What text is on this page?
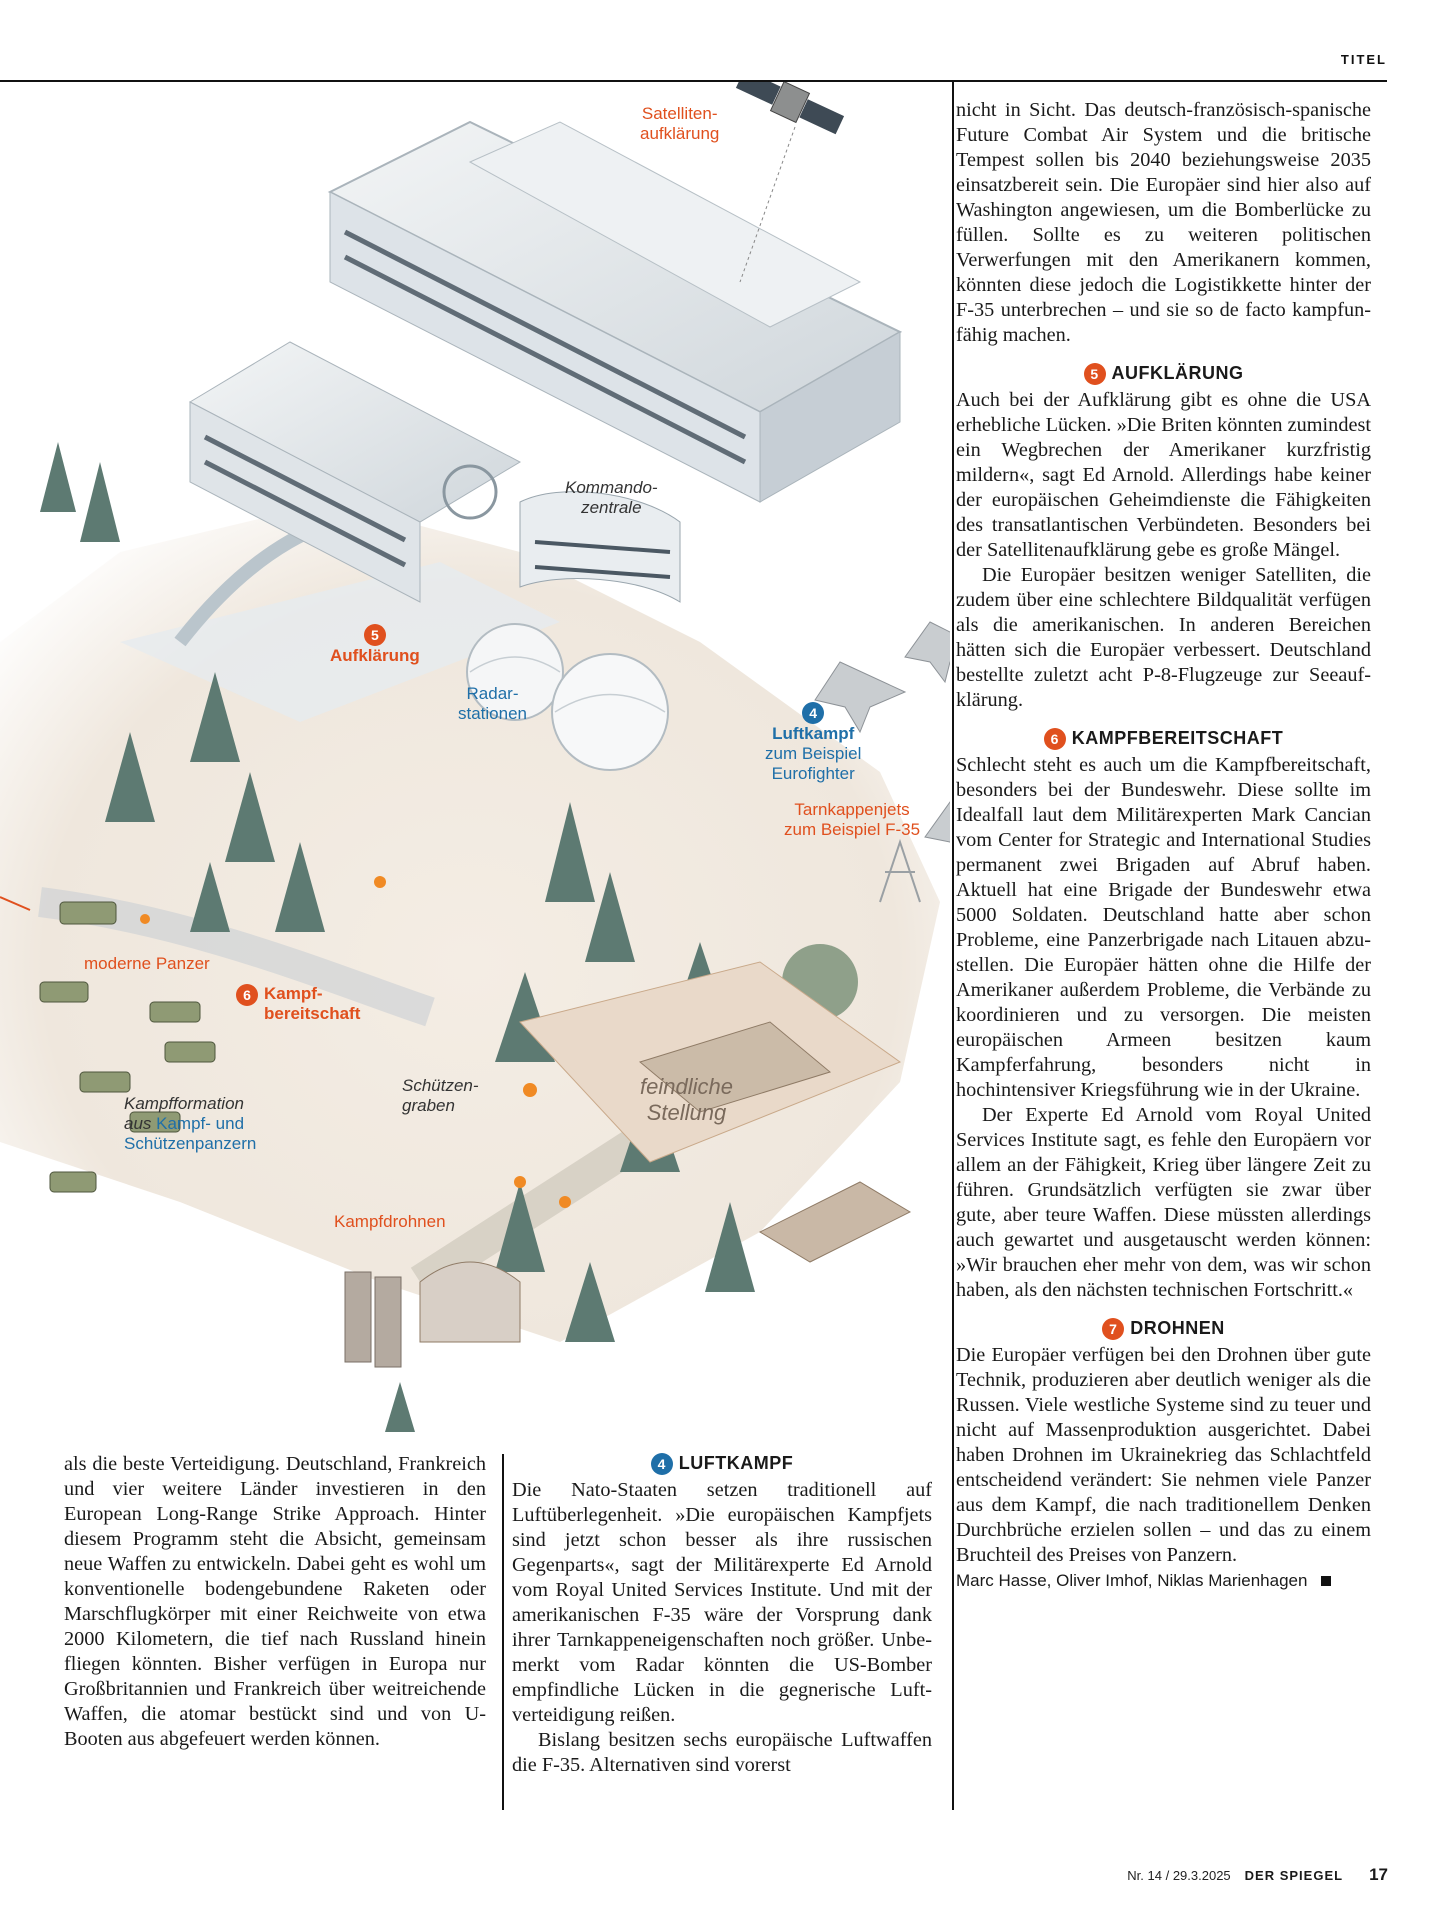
TITEL
Satelliten-
aufklärung
Kommando-
zentrale
5
Aufklärung
Radar-
stationen	4
Luftkampf
zum Beispiel
Eurofighter
Tarnkappenjets
zum Beispiel F-35
moderne Panzer
6 Kampf-
bereitschaft
Schützen-
graben
feindliche
Stellung
Kampfformation
aus Kampf- und
Schützenpanzern
Kampfdrohnen

als die beste Verteidigung. Deutschland, Frankreich und vier weitere Länder investieren in den European Long-Range Strike Approach. Hinter diesem Programm steht die Absicht, gemeinsam neue Waffen zu entwickeln. Dabei geht es wohl um konventionelle bodengebundene Raketen oder Marschflugkörper mit einer Reichweite von etwa 2000 Kilometern, die tief nach Russland hinein fliegen könnten. Bisher verfügen in Europa nur Großbritannien und Frankreich über weitreichende Waffen, die atomar bestückt sind und von U-Booten aus abgefeuert werden können.

4 LUFTKAMPF

Die Nato-Staaten setzen traditionell auf Luftüberlegenheit. »Die europäischen Kampfjets sind jetzt schon besser als ihre russischen Gegenparts«, sagt der Militärexperte Ed Arnold vom Royal United Services Institute. Und mit der amerikanischen F-35 wäre der Vorsprung dank ihrer Tarnkappeneigenschaften noch größer. Unbemerkt vom Radar könnten die US-Bomber empfindliche Lücken in die gegnerische Luftverteidigung reißen.

Bislang besitzen sechs europäische Luftwaffen die F-35. Alternativen sind vorerst

nicht in Sicht. Das deutsch-französisch-spanische Future Combat Air System und die britische Tempest sollen bis 2040 beziehungsweise 2035 einsatzbereit sein. Die Europäer sind hier also auf Washington angewiesen, um die Bomberlücke zu füllen. Sollte es zu weiteren politischen Verwerfungen mit den Amerikanern kommen, könnten diese jedoch die Logistikkette hinter der F-35 unterbrechen – und sie so de facto kampfunfähig machen.

5 AUFKLÄRUNG

Auch bei der Aufklärung gibt es ohne die USA erhebliche Lücken. »Die Briten könnten zumindest ein Wegbrechen der Amerikaner kurzfristig mildern«, sagt Ed Arnold. Allerdings habe keiner der europäischen Geheimdienste die Fähigkeiten des transatlantischen Verbündeten. Besonders bei der Satellitenaufklärung gebe es große Mängel.

Die Europäer besitzen weniger Satelliten, die zudem über eine schlechtere Bildqualität verfügen als die amerikanischen. In anderen Bereichen hätten sich die Europäer verbessert. Deutschland bestellte zuletzt acht P-8-Flugzeuge zur Seeaufklärung.

6 KAMPFBEREITSCHAFT

Schlecht steht es auch um die Kampfbereitschaft, besonders bei der Bundeswehr. Diese sollte im Idealfall laut dem Militärexperten Mark Cancian vom Center for Strategic and International Studies permanent zwei Brigaden auf Abruf haben. Aktuell hat eine Brigade der Bundeswehr etwa 5000 Soldaten. Deutschland hatte aber schon Probleme, eine Panzerbrigade nach Litauen abzustellen. Die Europäer hätten ohne die Hilfe der Amerikaner außerdem Probleme, die Verbände zu koordinieren und zu versorgen. Die meisten europäischen Armeen besitzen kaum Kampferfahrung, besonders nicht in hochintensiver Kriegsführung wie in der Ukraine.

Der Experte Ed Arnold vom Royal United Services Institute sagt, es fehle den Europäern vor allem an der Fähigkeit, Krieg über längere Zeit zu führen. Grundsätzlich verfügten sie zwar über gute, aber teure Waffen. Diese müssten allerdings auch gewartet und ausgetauscht werden können: »Wir brauchen eher mehr von dem, was wir schon haben, als den nächsten technischen Fortschritt.«

7 DROHNEN

Die Europäer verfügen bei den Drohnen über gute Technik, produzieren aber deutlich weniger als die Russen. Viele westliche Systeme sind zu teuer und nicht auf Massenproduktion ausgerichtet. Dabei haben Drohnen im Ukrainekrieg das Schlachtfeld entscheidend verändert: Sie nehmen viele Panzer aus dem Kampf, die nach traditionellem Denken Durchbrüche erzielen sollen – und das zu einem Bruchteil des Preises von Panzern.

Marc Hasse, Oliver Imhof, Niklas Marienhagen
Nr. 14 / 29.3.2025 DER SPIEGEL 17
